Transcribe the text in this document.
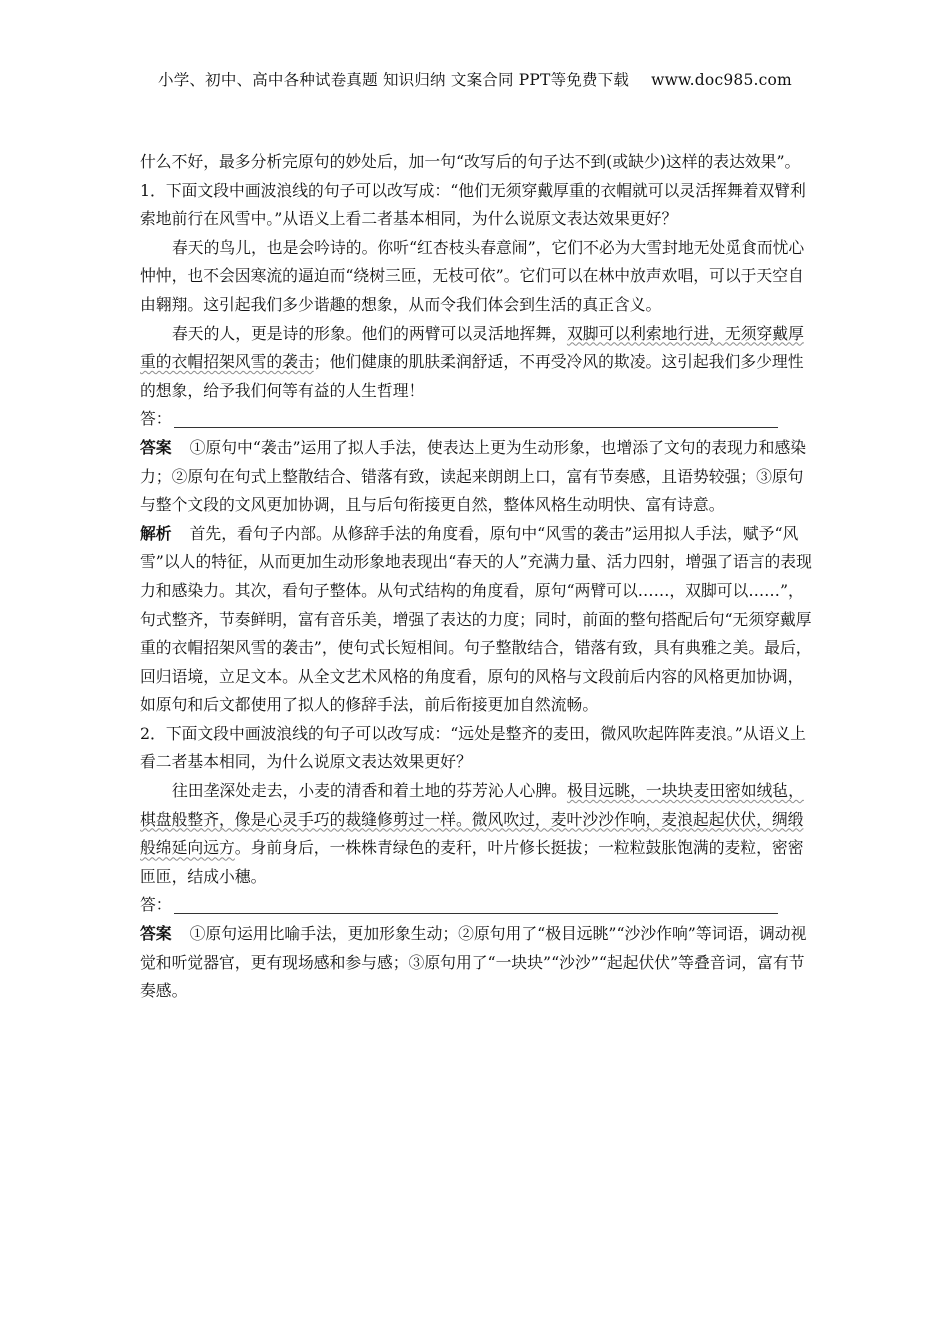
小学、初中、高中各种试卷真题 知识归纳 文案合同 PPT等免费下载 www.doc985.com

什么不好，最多分析完原句的妙处后，加一句“改写后的句子达不到(或缺少)这样的表达效果”。

1．下面文段中画波浪线的句子可以改写成：“他们无须穿戴厚重的衣帽就可以灵活挥舞着双臂利索地前行在风雪中。”从语义上看二者基本相同，为什么说原文表达效果更好？

春天的鸟儿，也是会吟诗的。你听“红杏枝头春意闹”，它们不必为大雪封地无处觅食而忧心忡忡，也不会因寒流的逼迫而“绕树三匝，无枝可依”。它们可以在林中放声欢唱，可以于天空自由翱翔。这引起我们多少谐趣的想象，从而令我们体会到生活的真正含义。

春天的人，更是诗的形象。他们的两臂可以灵活地挥舞，双脚可以利索地行进，无须穿戴厚重的衣帽招架风雪的袭击；他们健康的肌肤柔润舒适，不再受冷风的欺凌。这引起我们多少理性的想象，给予我们何等有益的人生哲理！

答：

答案 ①原句中“袭击”运用了拟人手法，使表达上更为生动形象，也增添了文句的表现力和感染力；②原句在句式上整散结合、错落有致，读起来朗朗上口，富有节奏感，且语势较强；③原句与整个文段的文风更加协调，且与后句衔接更自然，整体风格生动明快、富有诗意。

解析 首先，看句子内部。从修辞手法的角度看，原句中“风雪的袭击”运用拟人手法，赋予“风雪”以人的特征，从而更加生动形象地表现出“春天的人”充满力量、活力四射，增强了语言的表现力和感染力。其次，看句子整体。从句式结构的角度看，原句“两臂可以……，双脚可以……”，句式整齐，节奏鲜明，富有音乐美，增强了表达的力度；同时，前面的整句搭配后句“无须穿戴厚重的衣帽招架风雪的袭击”，使句式长短相间。句子整散结合，错落有致，具有典雅之美。最后，回归语境，立足文本。从全文艺术风格的角度看，原句的风格与文段前后内容的风格更加协调，如原句和后文都使用了拟人的修辞手法，前后衔接更加自然流畅。

2．下面文段中画波浪线的句子可以改写成：“远处是整齐的麦田，微风吹起阵阵麦浪。”从语义上看二者基本相同，为什么说原文表达效果更好？

往田垄深处走去，小麦的清香和着土地的芬芳沁人心脾。极目远眺，一块块麦田密如绒毡，棋盘般整齐，像是心灵手巧的裁缝修剪过一样。微风吹过，麦叶沙沙作响，麦浪起起伏伏，绸缎般绵延向远方。身前身后，一株株青绿色的麦秆，叶片修长挺拔；一粒粒鼓胀饱满的麦粒，密密匝匝，结成小穗。

答：

答案 ①原句运用比喻手法，更加形象生动；②原句用了“极目远眺”“沙沙作响”等词语，调动视觉和听觉器官，更有现场感和参与感；③原句用了“一块块”“沙沙”“起起伏伏”等叠音词，富有节奏感。
